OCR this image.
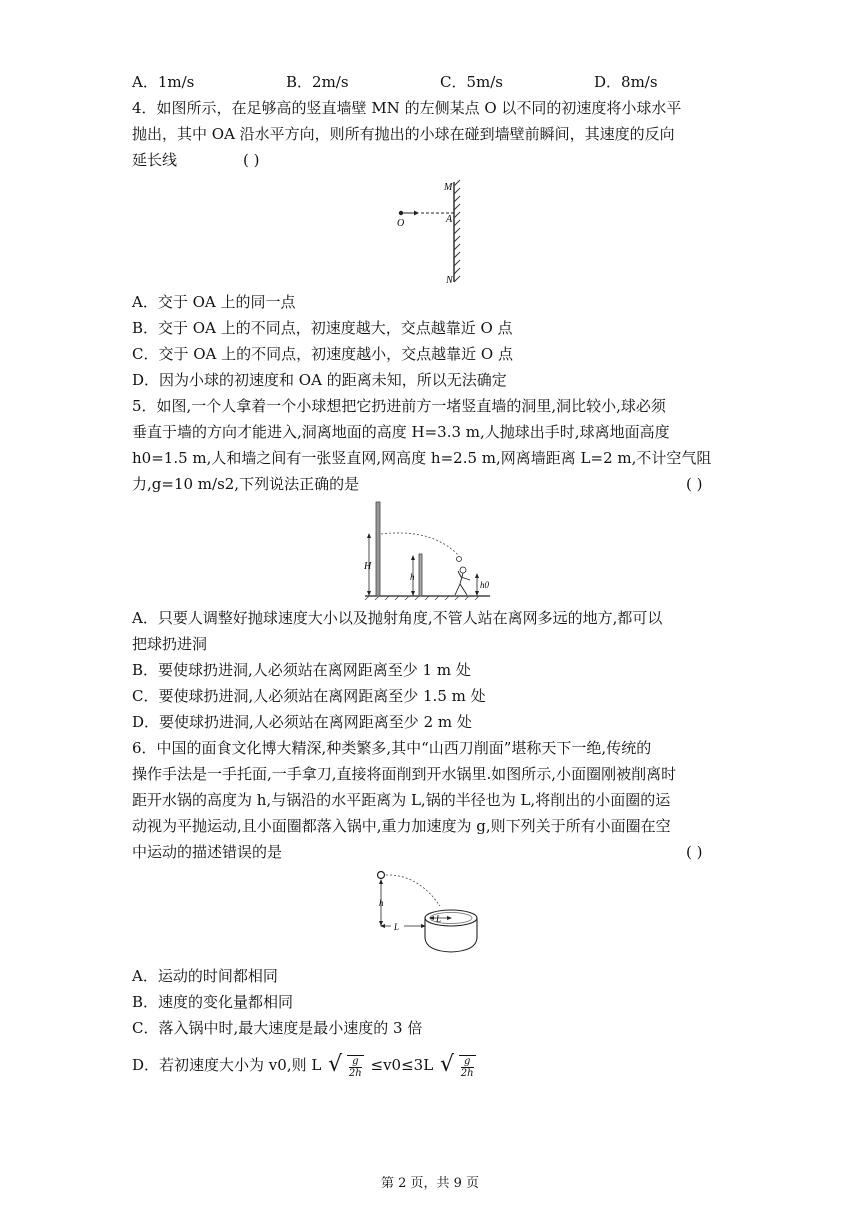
A．1m/s	B．2m/s	C．5m/s	D．8m/s
4．如图所示，在足够高的竖直墙壁 MN 的左侧某点 O 以不同的初速度将小球水平
抛出，其中 OA 沿水平方向，则所有抛出的小球在碰到墙壁前瞬间，其速度的反向
延长线	( )
M
O	A
N
A．交于 OA 上的同一点
B．交于 OA 上的不同点，初速度越大，交点越靠近 O 点
C．交于 OA 上的不同点，初速度越小，交点越靠近 O 点
D．因为小球的初速度和 OA 的距离未知，所以无法确定
5．如图,一个人拿着一个小球想把它扔进前方一堵竖直墙的洞里,洞比较小,球必须
垂直于墙的方向才能进入,洞离地面的高度 H=3.3 m,人抛球出手时,球离地面高度
h0=1.5 m,人和墙之间有一张竖直网,网高度 h=2.5 m,网离墙距离 L=2 m,不计空气阻
力,g=10 m/s2,下列说法正确的是	( )
H
h
h0
A．只要人调整好抛球速度大小以及抛射角度,不管人站在离网多远的地方,都可以
把球扔进洞
B．要使球扔进洞,人必须站在离网距离至少 1 m 处
C．要使球扔进洞,人必须站在离网距离至少 1.5 m 处
D．要使球扔进洞,人必须站在离网距离至少 2 m 处
6．中国的面食文化博大精深,种类繁多,其中“山西刀削面”堪称天下一绝,传统的
操作手法是一手托面,一手拿刀,直接将面削到开水锅里.如图所示,小面圈刚被削离时
距开水锅的高度为 h,与锅沿的水平距离为 L,锅的半径也为 L,将削出的小面圈的运
动视为平抛运动,且小面圈都落入锅中,重力加速度为 g,则下列关于所有小面圈在空
中运动的描述错误的是	( )
h
L
L
A．运动的时间都相同
B．速度的变化量都相同
C．落入锅中时,最大速度是最小速度的 3 倍
D．若初速度大小为 v0,则 L √ $\frac{g}{2h} \le v0\le 3L$ √ $\frac{g}{2h}$
第 2 页，共 9 页
